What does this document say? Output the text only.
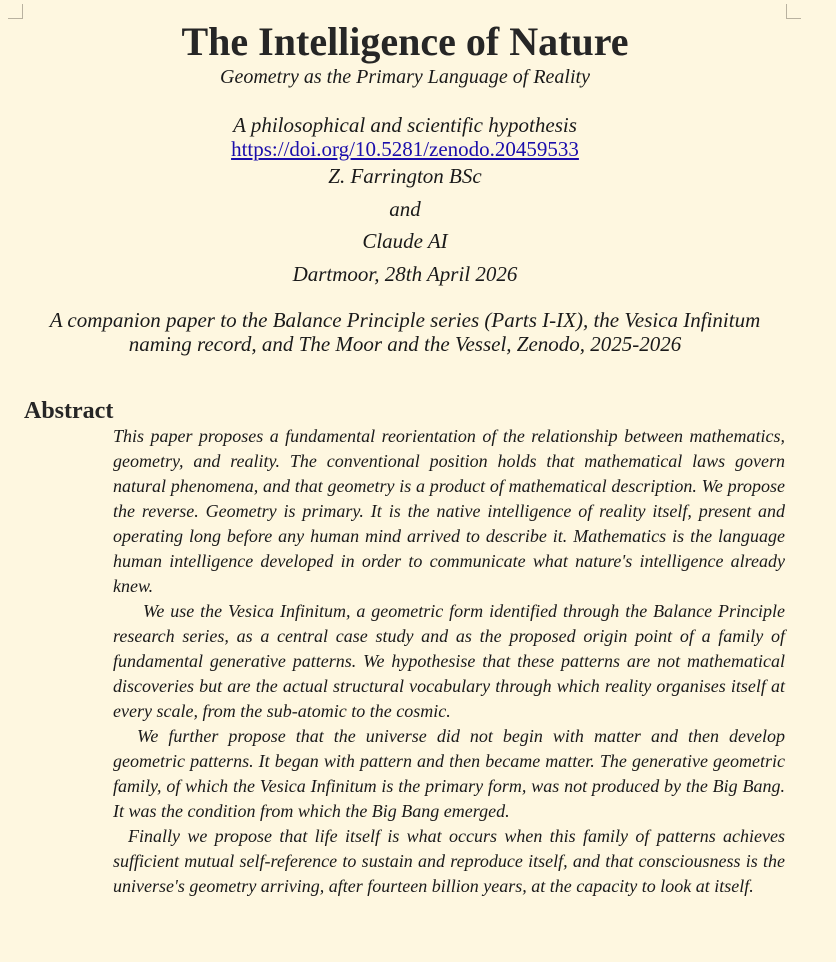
The Intelligence of Nature
Geometry as the Primary Language of Reality
A philosophical and scientific hypothesis
https://doi.org/10.5281/zenodo.20459533
Z. Farrington BSc
and
Claude AI
Dartmoor, 28th April 2026
A companion paper to the Balance Principle series (Parts I-IX), the Vesica Infinitum naming record, and The Moor and the Vessel, Zenodo, 2025-2026
Abstract

This paper proposes a fundamental reorientation of the relationship between mathematics, geometry, and reality. The conventional position holds that mathematical laws govern natural phenomena, and that geometry is a product of mathematical description. We propose the reverse. Geometry is primary. It is the native intelligence of reality itself, present and operating long before any human mind arrived to describe it. Mathematics is the language human intelligence developed in order to communicate what nature's intelligence already knew.

We use the Vesica Infinitum, a geometric form identified through the Balance Principle research series, as a central case study and as the proposed origin point of a family of fundamental generative patterns. We hypothesise that these patterns are not mathematical discoveries but are the actual structural vocabulary through which reality organises itself at every scale, from the sub-atomic to the cosmic.

We further propose that the universe did not begin with matter and then develop geometric patterns. It began with pattern and then became matter. The generative geometric family, of which the Vesica Infinitum is the primary form, was not produced by the Big Bang. It was the condition from which the Big Bang emerged.

Finally we propose that life itself is what occurs when this family of patterns achieves sufficient mutual self-reference to sustain and reproduce itself, and that consciousness is the universe's geometry arriving, after fourteen billion years, at the capacity to look at itself.
